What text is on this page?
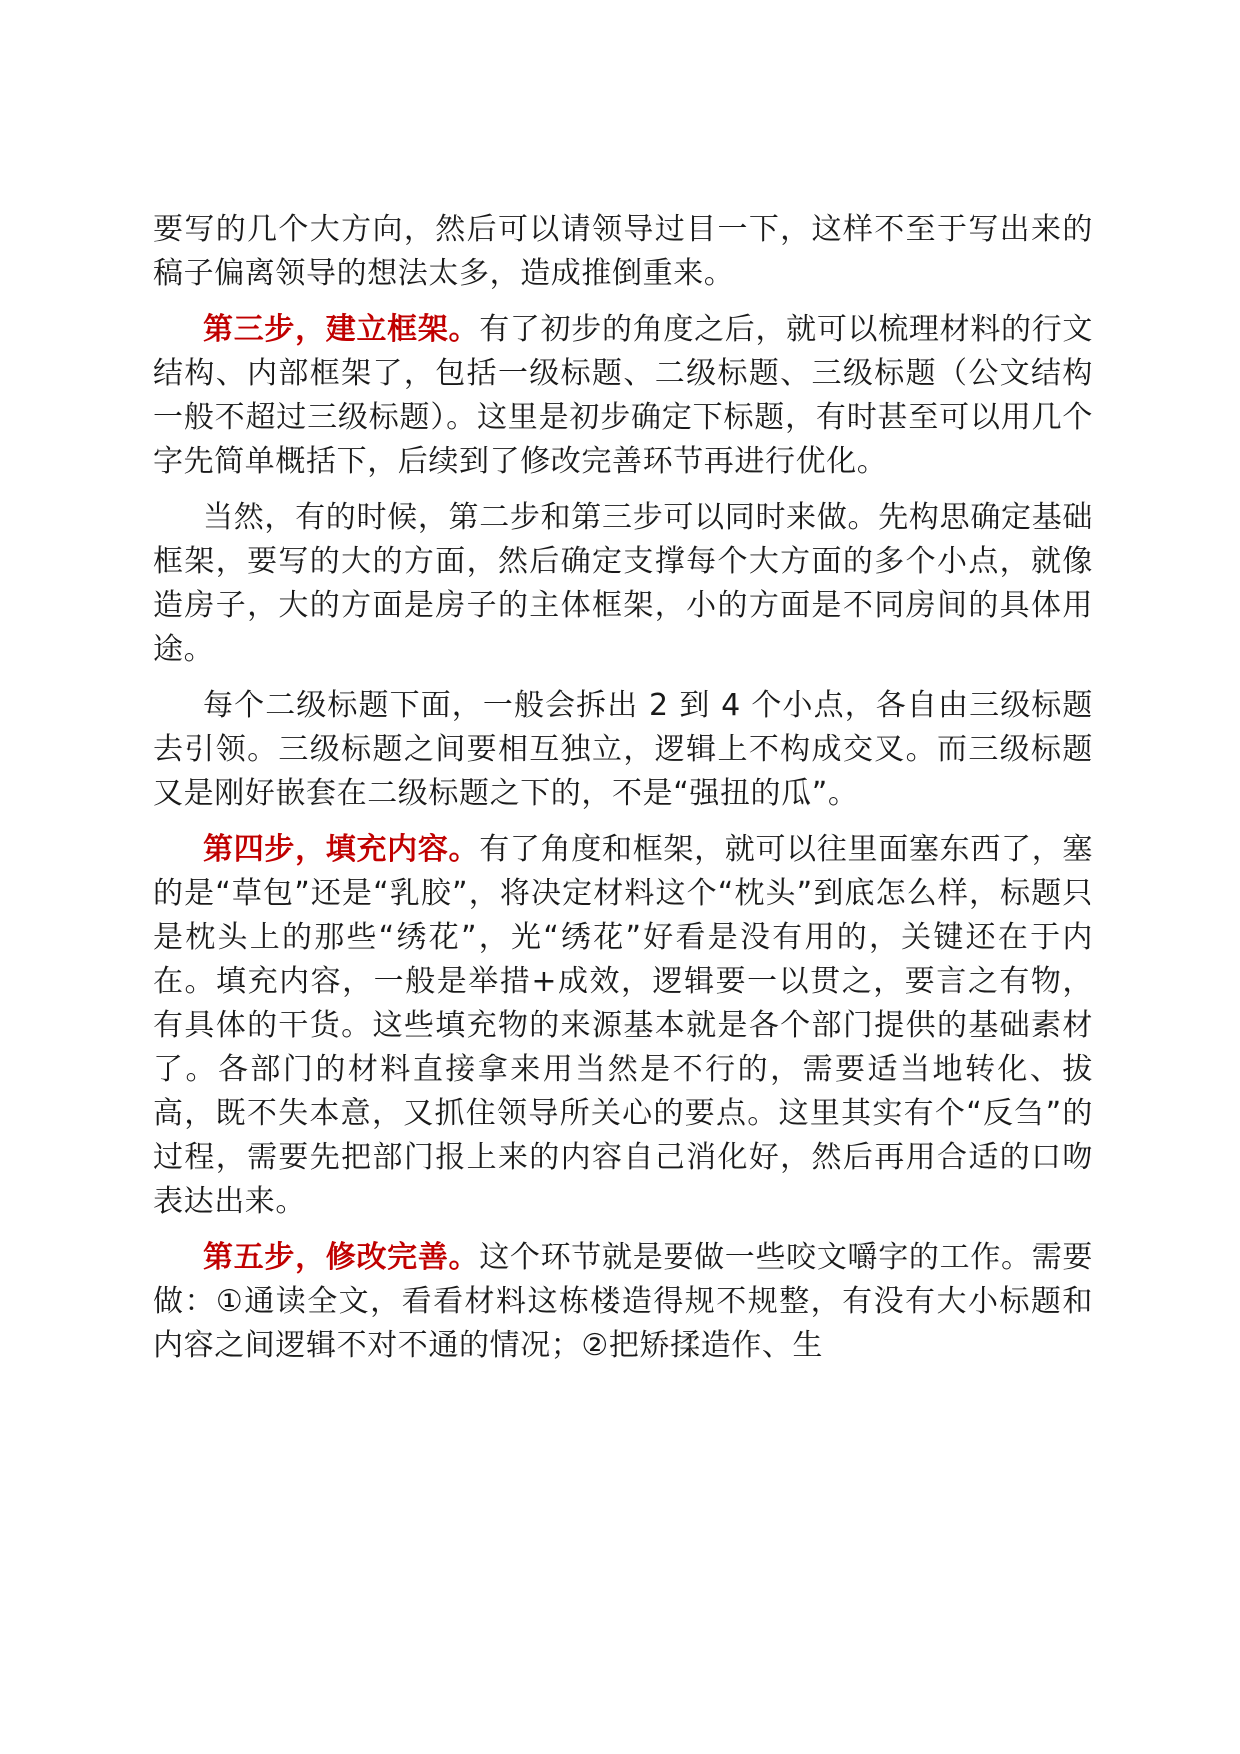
要写的几个大方向，然后可以请领导过目一下，这样不至于写出来的稿子偏离领导的想法太多，造成推倒重来。

第三步，建立框架。有了初步的角度之后，就可以梳理材料的行文结构、内部框架了，包括一级标题、二级标题、三级标题（公文结构一般不超过三级标题）。这里是初步确定下标题，有时甚至可以用几个字先简单概括下，后续到了修改完善环节再进行优化。

当然，有的时候，第二步和第三步可以同时来做。先构思确定基础框架，要写的大的方面，然后确定支撑每个大方面的多个小点，就像造房子，大的方面是房子的主体框架，小的方面是不同房间的具体用途。

每个二级标题下面，一般会拆出 2 到 4 个小点，各自由三级标题去引领。三级标题之间要相互独立，逻辑上不构成交叉。而三级标题又是刚好嵌套在二级标题之下的，不是“强扭的瓜”。

第四步，填充内容。有了角度和框架，就可以往里面塞东西了，塞的是“草包”还是“乳胶”，将决定材料这个“枕头”到底怎么样，标题只是枕头上的那些“绣花”，光“绣花”好看是没有用的，关键还在于内在。填充内容，一般是举措+成效，逻辑要一以贯之，要言之有物，有具体的干货。这些填充物的来源基本就是各个部门提供的基础素材了。各部门的材料直接拿来用当然是不行的，需要适当地转化、拔高，既不失本意，又抓住领导所关心的要点。这里其实有个“反刍”的过程，需要先把部门报上来的内容自己消化好，然后再用合适的口吻表达出来。

第五步，修改完善。这个环节就是要做一些咬文嚼字的工作。需要做：①通读全文，看看材料这栋楼造得规不规整，有没有大小标题和内容之间逻辑不对不通的情况；②把矫揉造作、生
